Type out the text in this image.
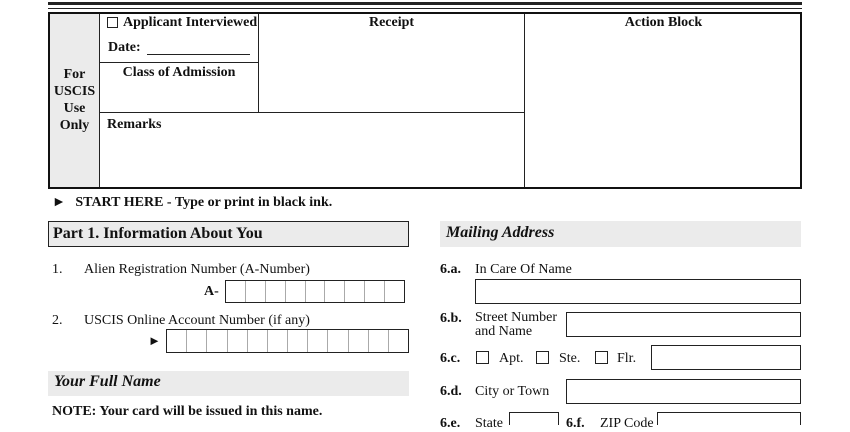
For
USCIS
Use
Only
Applicant Interviewed
Date:
Class of Admission
Remarks
Receipt	Action Block
► START HERE - Type or print in black ink.
Part 1. Information About You	Mailing Address
1. Alien Registration Number (A-Number)
A-
2. USCIS Online Account Number (if any)
►
Your Full Name
NOTE: Your card will be issued in this name.
6.a. In Care Of Name
6.b. Street Number
and Name
6.c.	Apt.	Ste.	Flr.
6.d. City or Town
6.e. State	6.f. ZIP Code
